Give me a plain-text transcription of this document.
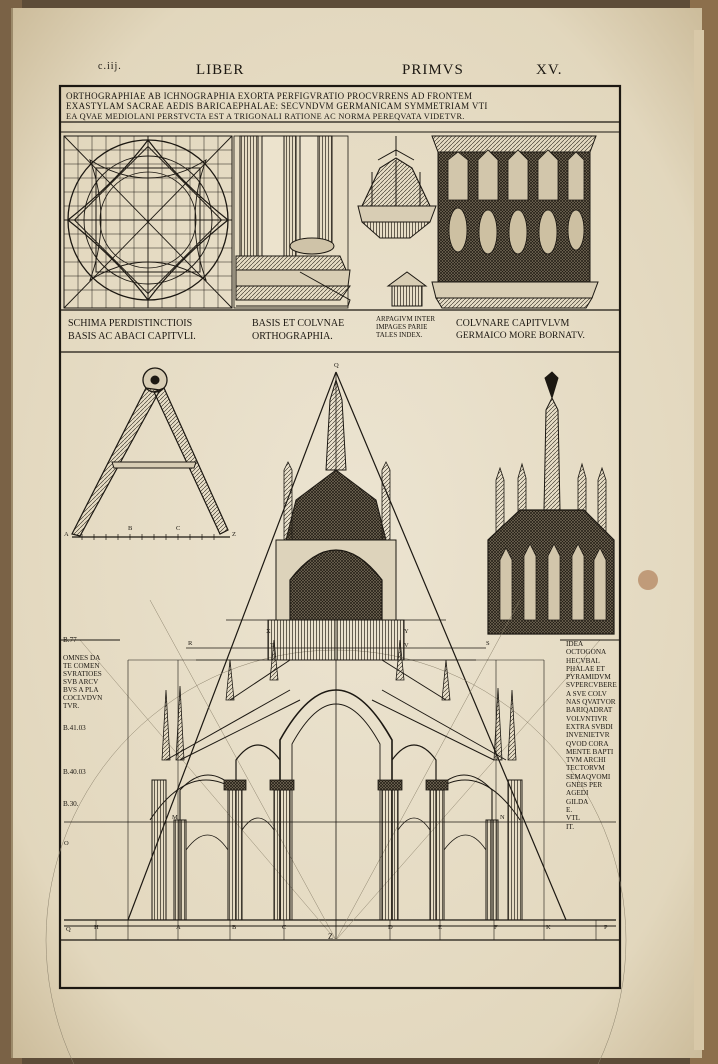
c.iij.	LIBER	PRIMVS	XV.
ORTHOGRAPHIAE AB ICHNOGRAPHIA EXORTA PERFIGVRATIO PROCVRRENS AD FRONTEM
EXASTYLAM SACRAE AEDIS BARICAEPHALAE: SECVNDVM GERMANICAM SYMMETRIAM VTI
EA QVAE MEDIOLANI PERSTVCTA EST A TRIGONALI RATIONE AC NORMA PEREQVATA VIDETVR.
SCHIMA PERDISTINCTIOIS
BASIS AC ABACI CAPITVLI.
BASIS ET COLVNAE
ORTHOGRAPHIA.
ARPAGIVM INTER
IMPAGES PARIE
TALES INDEX.
COLVNARE CAPITVLVM
GERMAICO MORE BORNATV.
B.77
OMNES DA
TE COMEN
SVRATIOES
SVB ARCV
BVS A PLA
COCLVDVN
TVR.
B.41.03
B.40.03
B.30.
IDEA
OCTOGONA
HECVBAL
PHALAE ET
PYRAMIDVM
SVPERCVBERE
A SVE COLV
NAS QVATVOR
BARIQADRAT
VOLVNTIVR
EXTRA SVBDI
INVENIETVR
QVOD CORA
MENTE BAPTI
TVM ARCHI
TECTORVM
SEMAQVOMI
GNEIS PER
AGEDI
GILDA
E.
VTL
IT.
Q
A
B	C
Z
X	Y
R	T	V	S
O
M	N
Q	H	A	B	C
Z
D	E	F	K	P
